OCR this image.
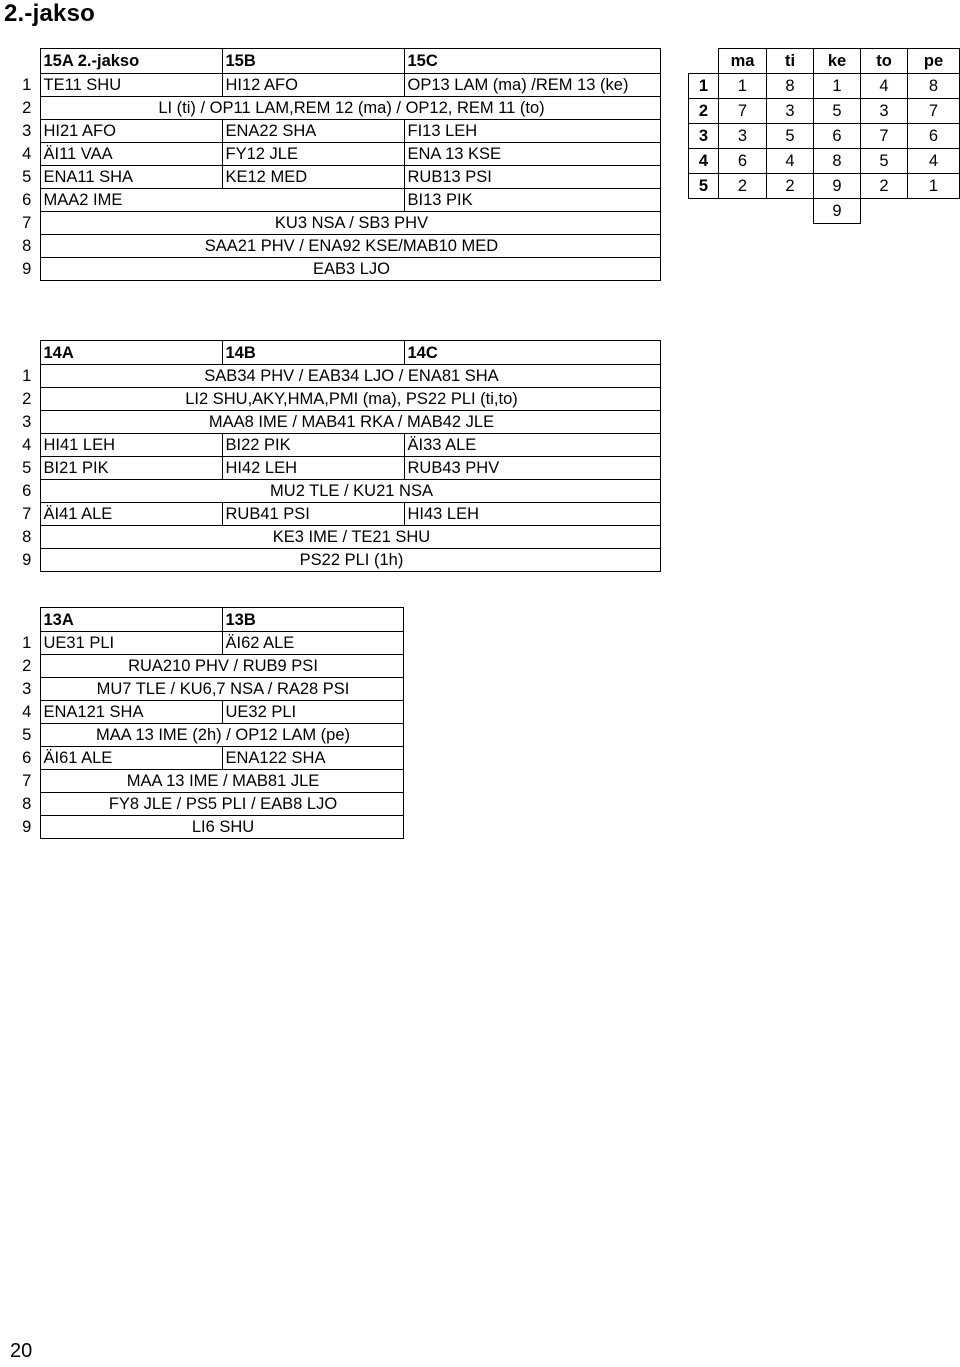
2.-jakso
	15A 2.-jakso	15B	15C
1	TE11 SHU	HI12 AFO	OP13 LAM (ma) /REM 13 (ke)
2	LI (ti) / OP11 LAM,REM 12 (ma) / OP12, REM 11 (to)		
3	HI21 AFO	ENA22 SHA	FI13 LEH
4	ÄI11 VAA	FY12 JLE	ENA 13 KSE
5	ENA11 SHA	KE12 MED	RUB13 PSI
6	MAA2 IME		BI13 PIK
7	KU3 NSA / SB3 PHV		
8	SAA21 PHV / ENA92 KSE/MAB10 MED		
9	EAB3 LJO		
	ma	ti	ke	to	pe
1	1	8	1	4	8
2	7	3	5	3	7
3	3	5	6	7	6
4	6	4	8	5	4
5	2	2	9	2	1
			9		
	14A	14B	14C
1	SAB34 PHV / EAB34 LJO / ENA81 SHA		
2	LI2 SHU,AKY,HMA,PMI (ma), PS22 PLI (ti,to)		
3	MAA8 IME / MAB41 RKA / MAB42 JLE		
4	HI41 LEH	BI22 PIK	ÄI33 ALE
5	BI21 PIK	HI42 LEH	RUB43 PHV
6	MU2 TLE / KU21 NSA		
7	ÄI41 ALE	RUB41 PSI	HI43 LEH
8	KE3 IME / TE21 SHU		
9	PS22 PLI (1h)		
	13A	13B
1	UE31 PLI	ÄI62 ALE
2	RUA210 PHV / RUB9 PSI	
3	MU7 TLE / KU6,7 NSA / RA28 PSI	
4	ENA121 SHA	UE32 PLI
5	MAA 13 IME (2h) / OP12 LAM (pe)	
6	ÄI61 ALE	ENA122 SHA
7	MAA 13 IME / MAB81 JLE	
8	FY8 JLE / PS5 PLI / EAB8 LJO	
9	LI6 SHU	
20
